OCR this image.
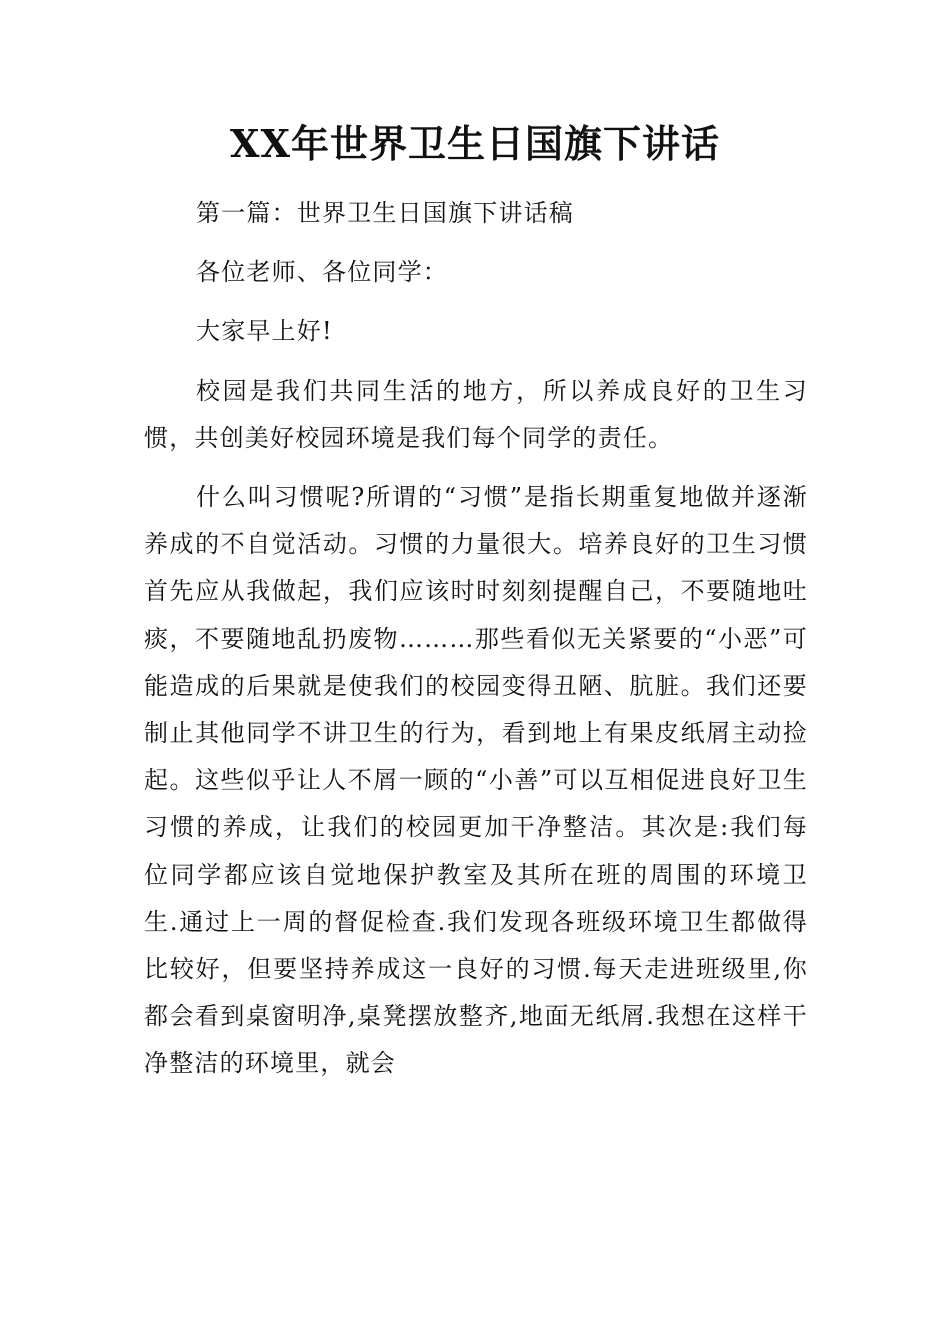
XX年世界卫生日国旗下讲话

第一篇：世界卫生日国旗下讲话稿

各位老师、各位同学：

大家早上好!

校园是我们共同生活的地方，所以养成良好的卫生习惯，共创美好校园环境是我们每个同学的责任。

什么叫习惯呢?所谓的“习惯”是指长期重复地做并逐渐养成的不自觉活动。习惯的力量很大。培养良好的卫生习惯首先应从我做起，我们应该时时刻刻提醒自己，不要随地吐痰，不要随地乱扔废物………那些看似无关紧要的“小恶”可能造成的后果就是使我们的校园变得丑陋、肮脏。我们还要制止其他同学不讲卫生的行为，看到地上有果皮纸屑主动捡起。这些似乎让人不屑一顾的“小善”可以互相促进良好卫生习惯的养成，让我们的校园更加干净整洁。其次是:我们每位同学都应该自觉地保护教室及其所在班的周围的环境卫生.通过上一周的督促检查.我们发现各班级环境卫生都做得比较好，但要坚持养成这一良好的习惯.每天走进班级里,你都会看到桌窗明净,桌凳摆放整齐,地面无纸屑.我想在这样干净整洁的环境里，就会
